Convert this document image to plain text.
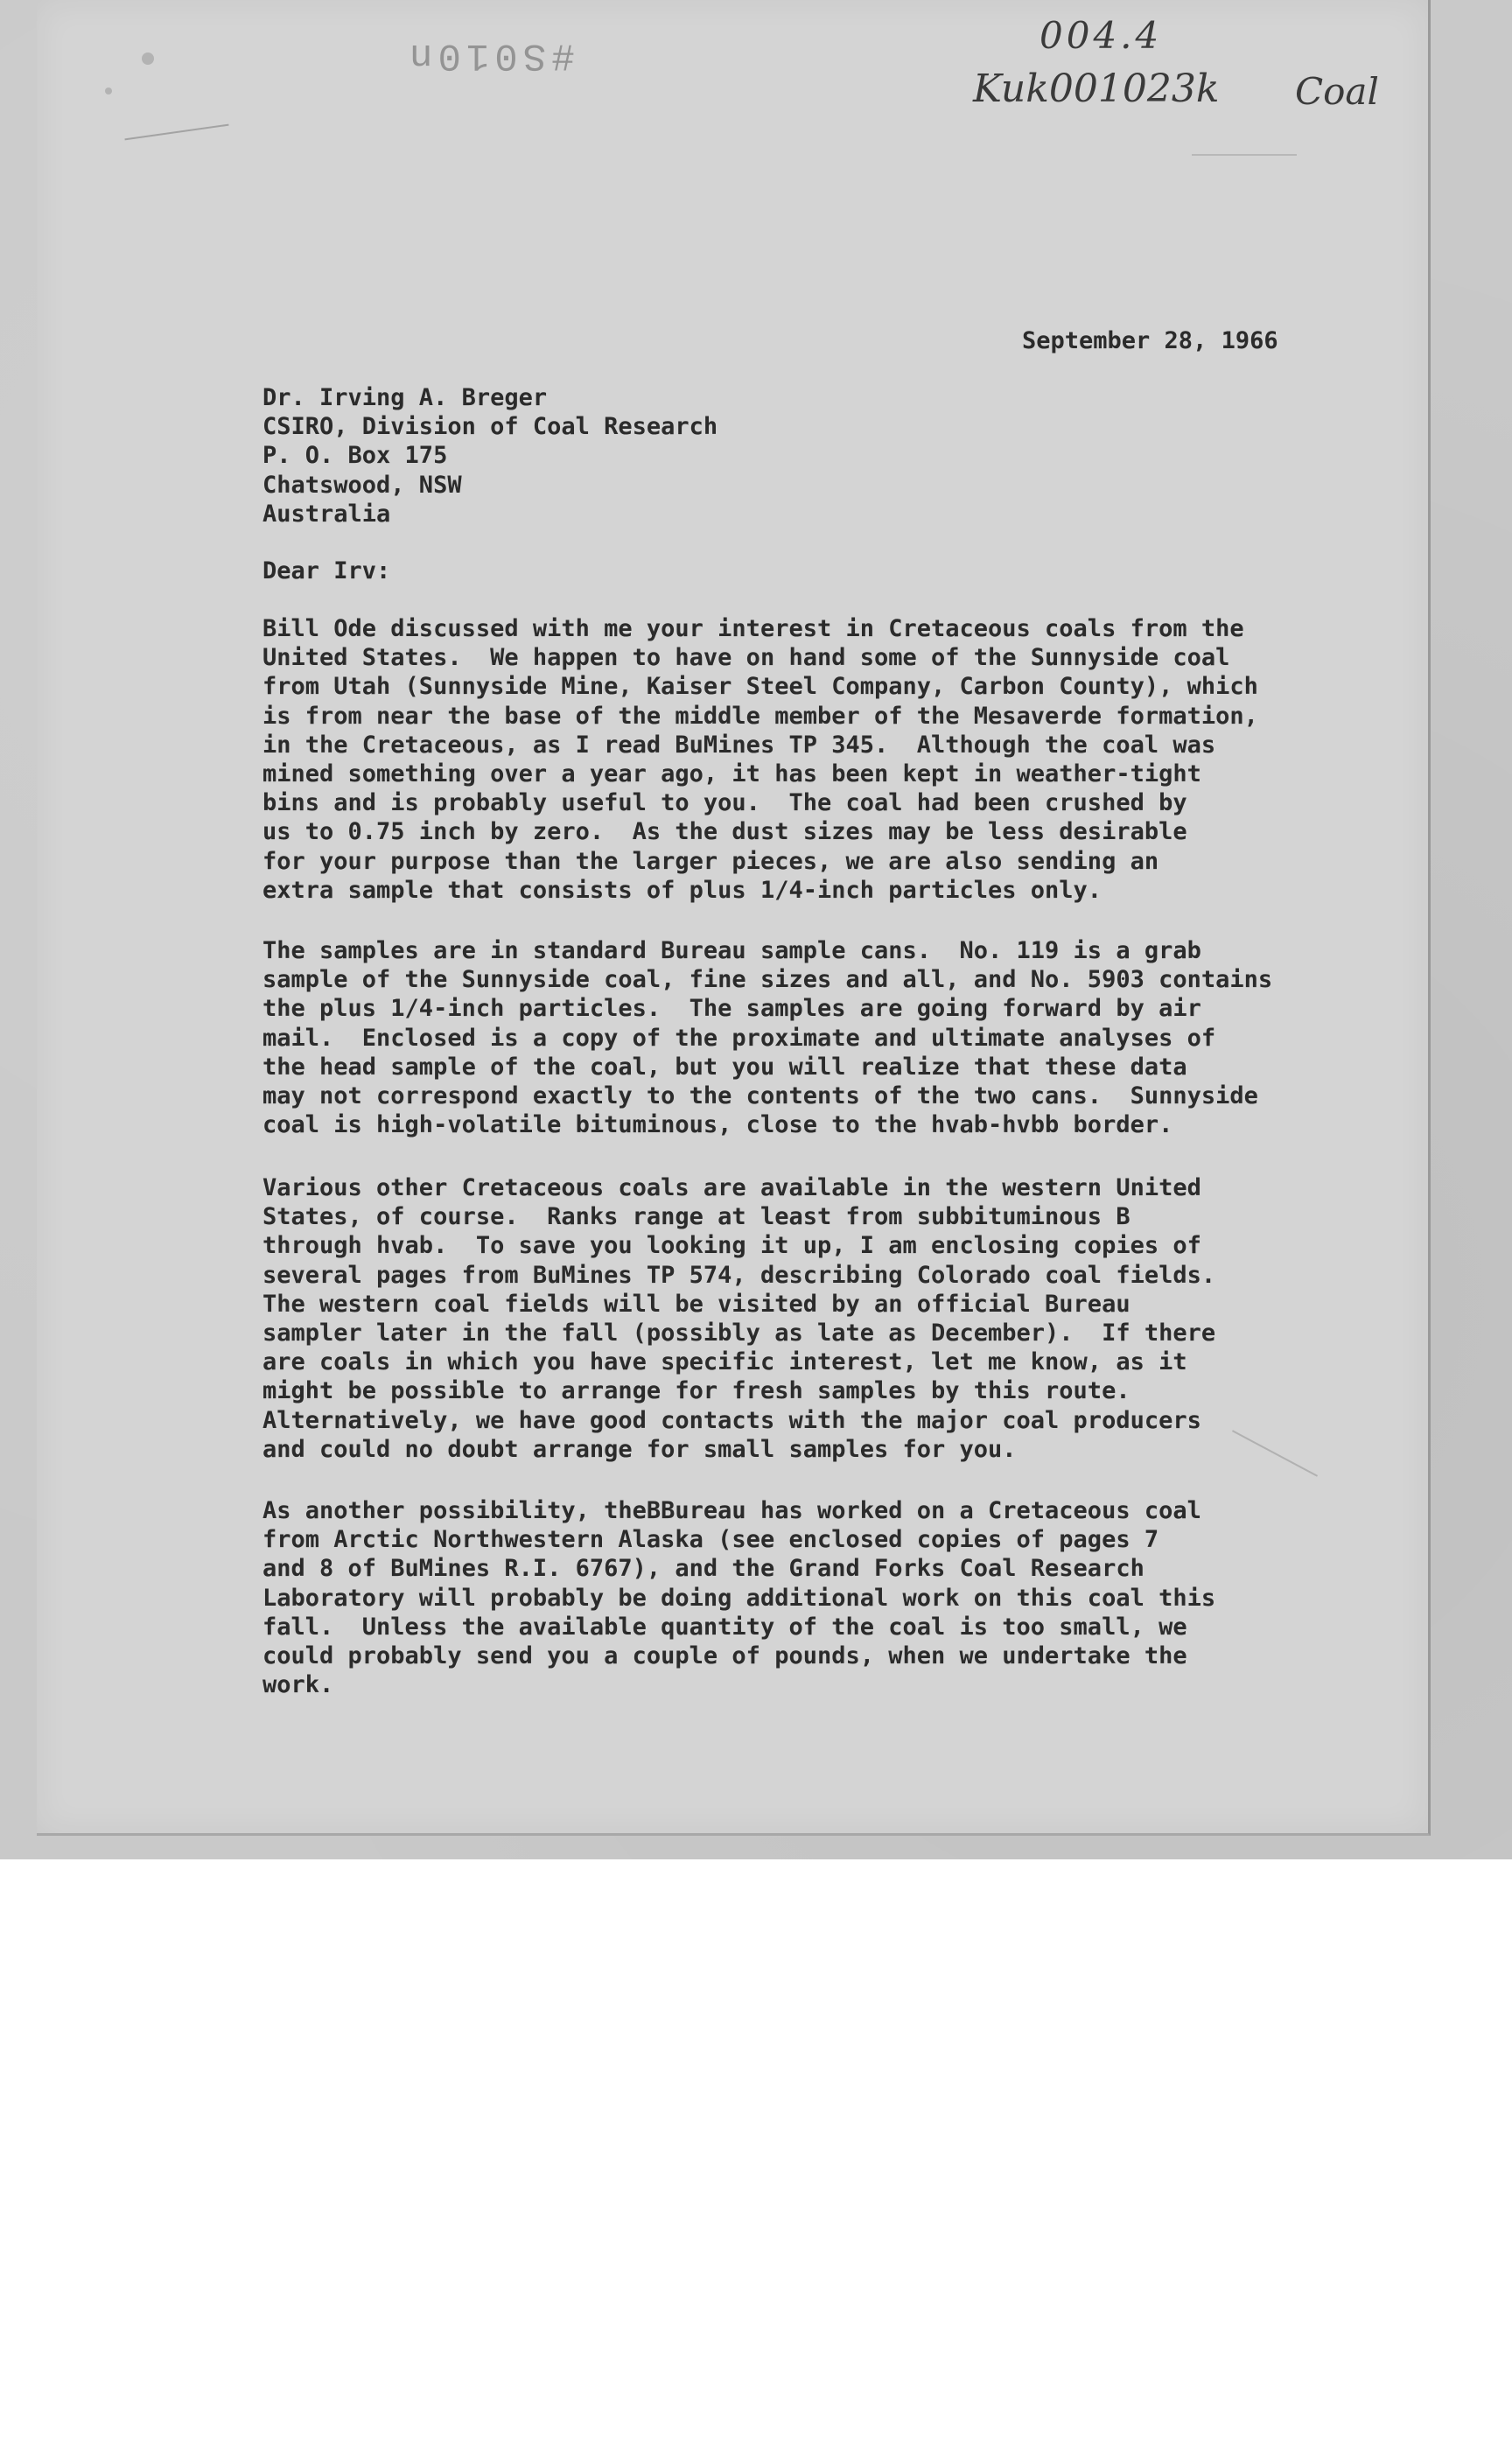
#S010n	004.4
Kuk001023k Coal
September 28, 1966
Dr. Irving A. Breger
CSIRO, Division of Coal Research
P. O. Box 175
Chatswood, NSW
Australia
Dear Irv:
Bill Ode discussed with me your interest in Cretaceous coals from the
United States.  We happen to have on hand some of the Sunnyside coal
from Utah (Sunnyside Mine, Kaiser Steel Company, Carbon County), which
is from near the base of the middle member of the Mesaverde formation,
in the Cretaceous, as I read BuMines TP 345.  Although the coal was
mined something over a year ago, it has been kept in weather-tight
bins and is probably useful to you.  The coal had been crushed by
us to 0.75 inch by zero.  As the dust sizes may be less desirable
for your purpose than the larger pieces, we are also sending an
extra sample that consists of plus 1/4-inch particles only.
The samples are in standard Bureau sample cans.  No. 119 is a grab
sample of the Sunnyside coal, fine sizes and all, and No. 5903 contains
the plus 1/4-inch particles.  The samples are going forward by air
mail.  Enclosed is a copy of the proximate and ultimate analyses of
the head sample of the coal, but you will realize that these data
may not correspond exactly to the contents of the two cans.  Sunnyside
coal is high-volatile bituminous, close to the hvab-hvbb border.
Various other Cretaceous coals are available in the western United
States, of course.  Ranks range at least from subbituminous B
through hvab.  To save you looking it up, I am enclosing copies of
several pages from BuMines TP 574, describing Colorado coal fields.
The western coal fields will be visited by an official Bureau
sampler later in the fall (possibly as late as December).  If there
are coals in which you have specific interest, let me know, as it
might be possible to arrange for fresh samples by this route.
Alternatively, we have good contacts with the major coal producers
and could no doubt arrange for small samples for you.
As another possibility, theBBureau has worked on a Cretaceous coal
from Arctic Northwestern Alaska (see enclosed copies of pages 7
and 8 of BuMines R.I. 6767), and the Grand Forks Coal Research
Laboratory will probably be doing additional work on this coal this
fall.  Unless the available quantity of the coal is too small, we
could probably send you a couple of pounds, when we undertake the
work.
